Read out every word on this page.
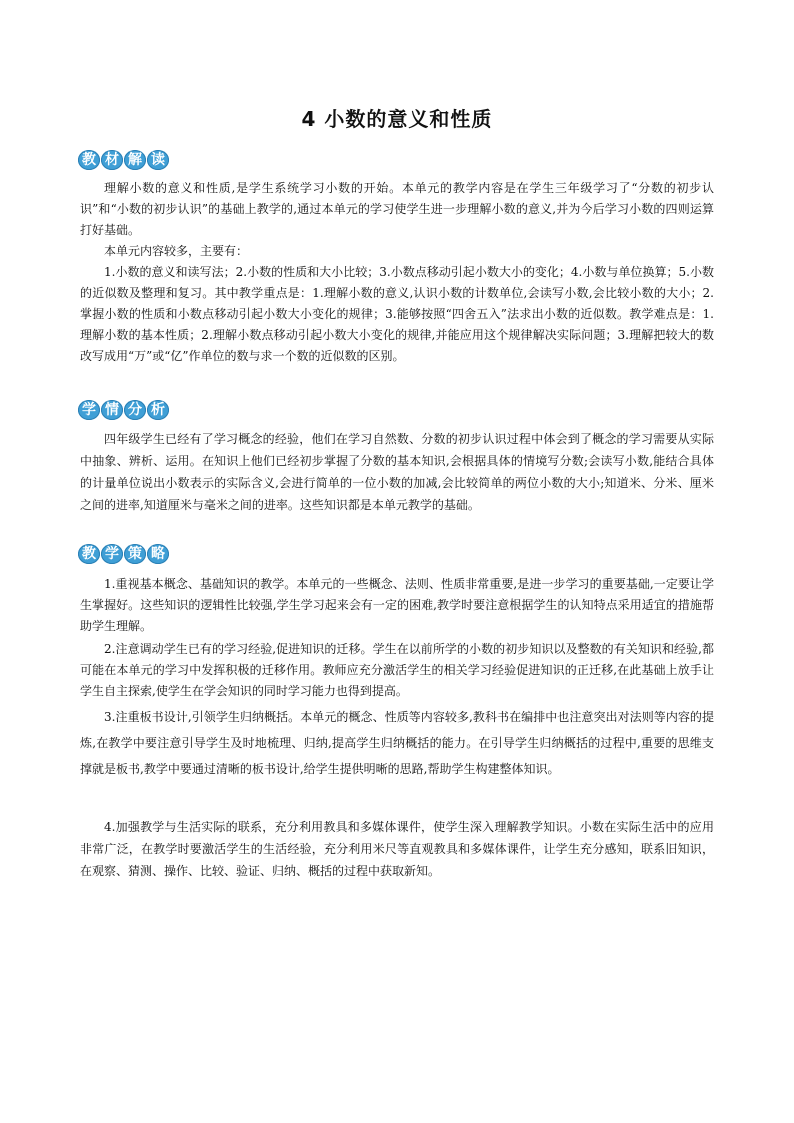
4 小数的意义和性质
教 材 解 读

理解小数的意义和性质,是学生系统学习小数的开始。本单元的教学内容是在学生三年级学习了“分数的初步认识”和“小数的初步认识”的基础上教学的,通过本单元的学习使学生进一步理解小数的意义,并为今后学习小数的四则运算打好基础。

本单元内容较多，主要有：

1.小数的意义和读写法；2.小数的性质和大小比较；3.小数点移动引起小数大小的变化；4.小数与单位换算；5.小数的近似数及整理和复习。其中教学重点是：1.理解小数的意义,认识小数的计数单位,会读写小数,会比较小数的大小；2.掌握小数的性质和小数点移动引起小数大小变化的规律；3.能够按照“四舍五入”法求出小数的近似数。教学难点是：1.理解小数的基本性质；2.理解小数点移动引起小数大小变化的规律,并能应用这个规律解决实际问题；3.理解把较大的数改写成用“万”或“亿”作单位的数与求一个数的近似数的区别。

学 情 分 析

四年级学生已经有了学习概念的经验，他们在学习自然数、分数的初步认识过程中体会到了概念的学习需要从实际中抽象、辨析、运用。在知识上他们已经初步掌握了分数的基本知识,会根据具体的情境写分数;会读写小数,能结合具体的计量单位说出小数表示的实际含义,会进行简单的一位小数的加减,会比较简单的两位小数的大小;知道米、分米、厘米之间的进率,知道厘米与毫米之间的进率。这些知识都是本单元教学的基础。

教 学 策 略

1.重视基本概念、基础知识的教学。本单元的一些概念、法则、性质非常重要,是进一步学习的重要基础,一定要让学生掌握好。这些知识的逻辑性比较强,学生学习起来会有一定的困难,教学时要注意根据学生的认知特点采用适宜的措施帮助学生理解。

2.注意调动学生已有的学习经验,促进知识的迁移。学生在以前所学的小数的初步知识以及整数的有关知识和经验,都可能在本单元的学习中发挥积极的迁移作用。教师应充分激活学生的相关学习经验促进知识的正迁移,在此基础上放手让学生自主探索,使学生在学会知识的同时学习能力也得到提高。

3.注重板书设计,引领学生归纳概括。本单元的概念、性质等内容较多,教科书在编排中也注意突出对法则等内容的提炼,在教学中要注意引导学生及时地梳理、归纳,提高学生归纳概括的能力。在引导学生归纳概括的过程中,重要的思维支撑就是板书,教学中要通过清晰的板书设计,给学生提供明晰的思路,帮助学生构建整体知识。

4.加强教学与生活实际的联系，充分利用教具和多媒体课件，使学生深入理解教学知识。小数在实际生活中的应用非常广泛，在教学时要激活学生的生活经验，充分利用米尺等直观教具和多媒体课件，让学生充分感知，联系旧知识，在观察、猜测、操作、比较、验证、归纳、概括的过程中获取新知。
